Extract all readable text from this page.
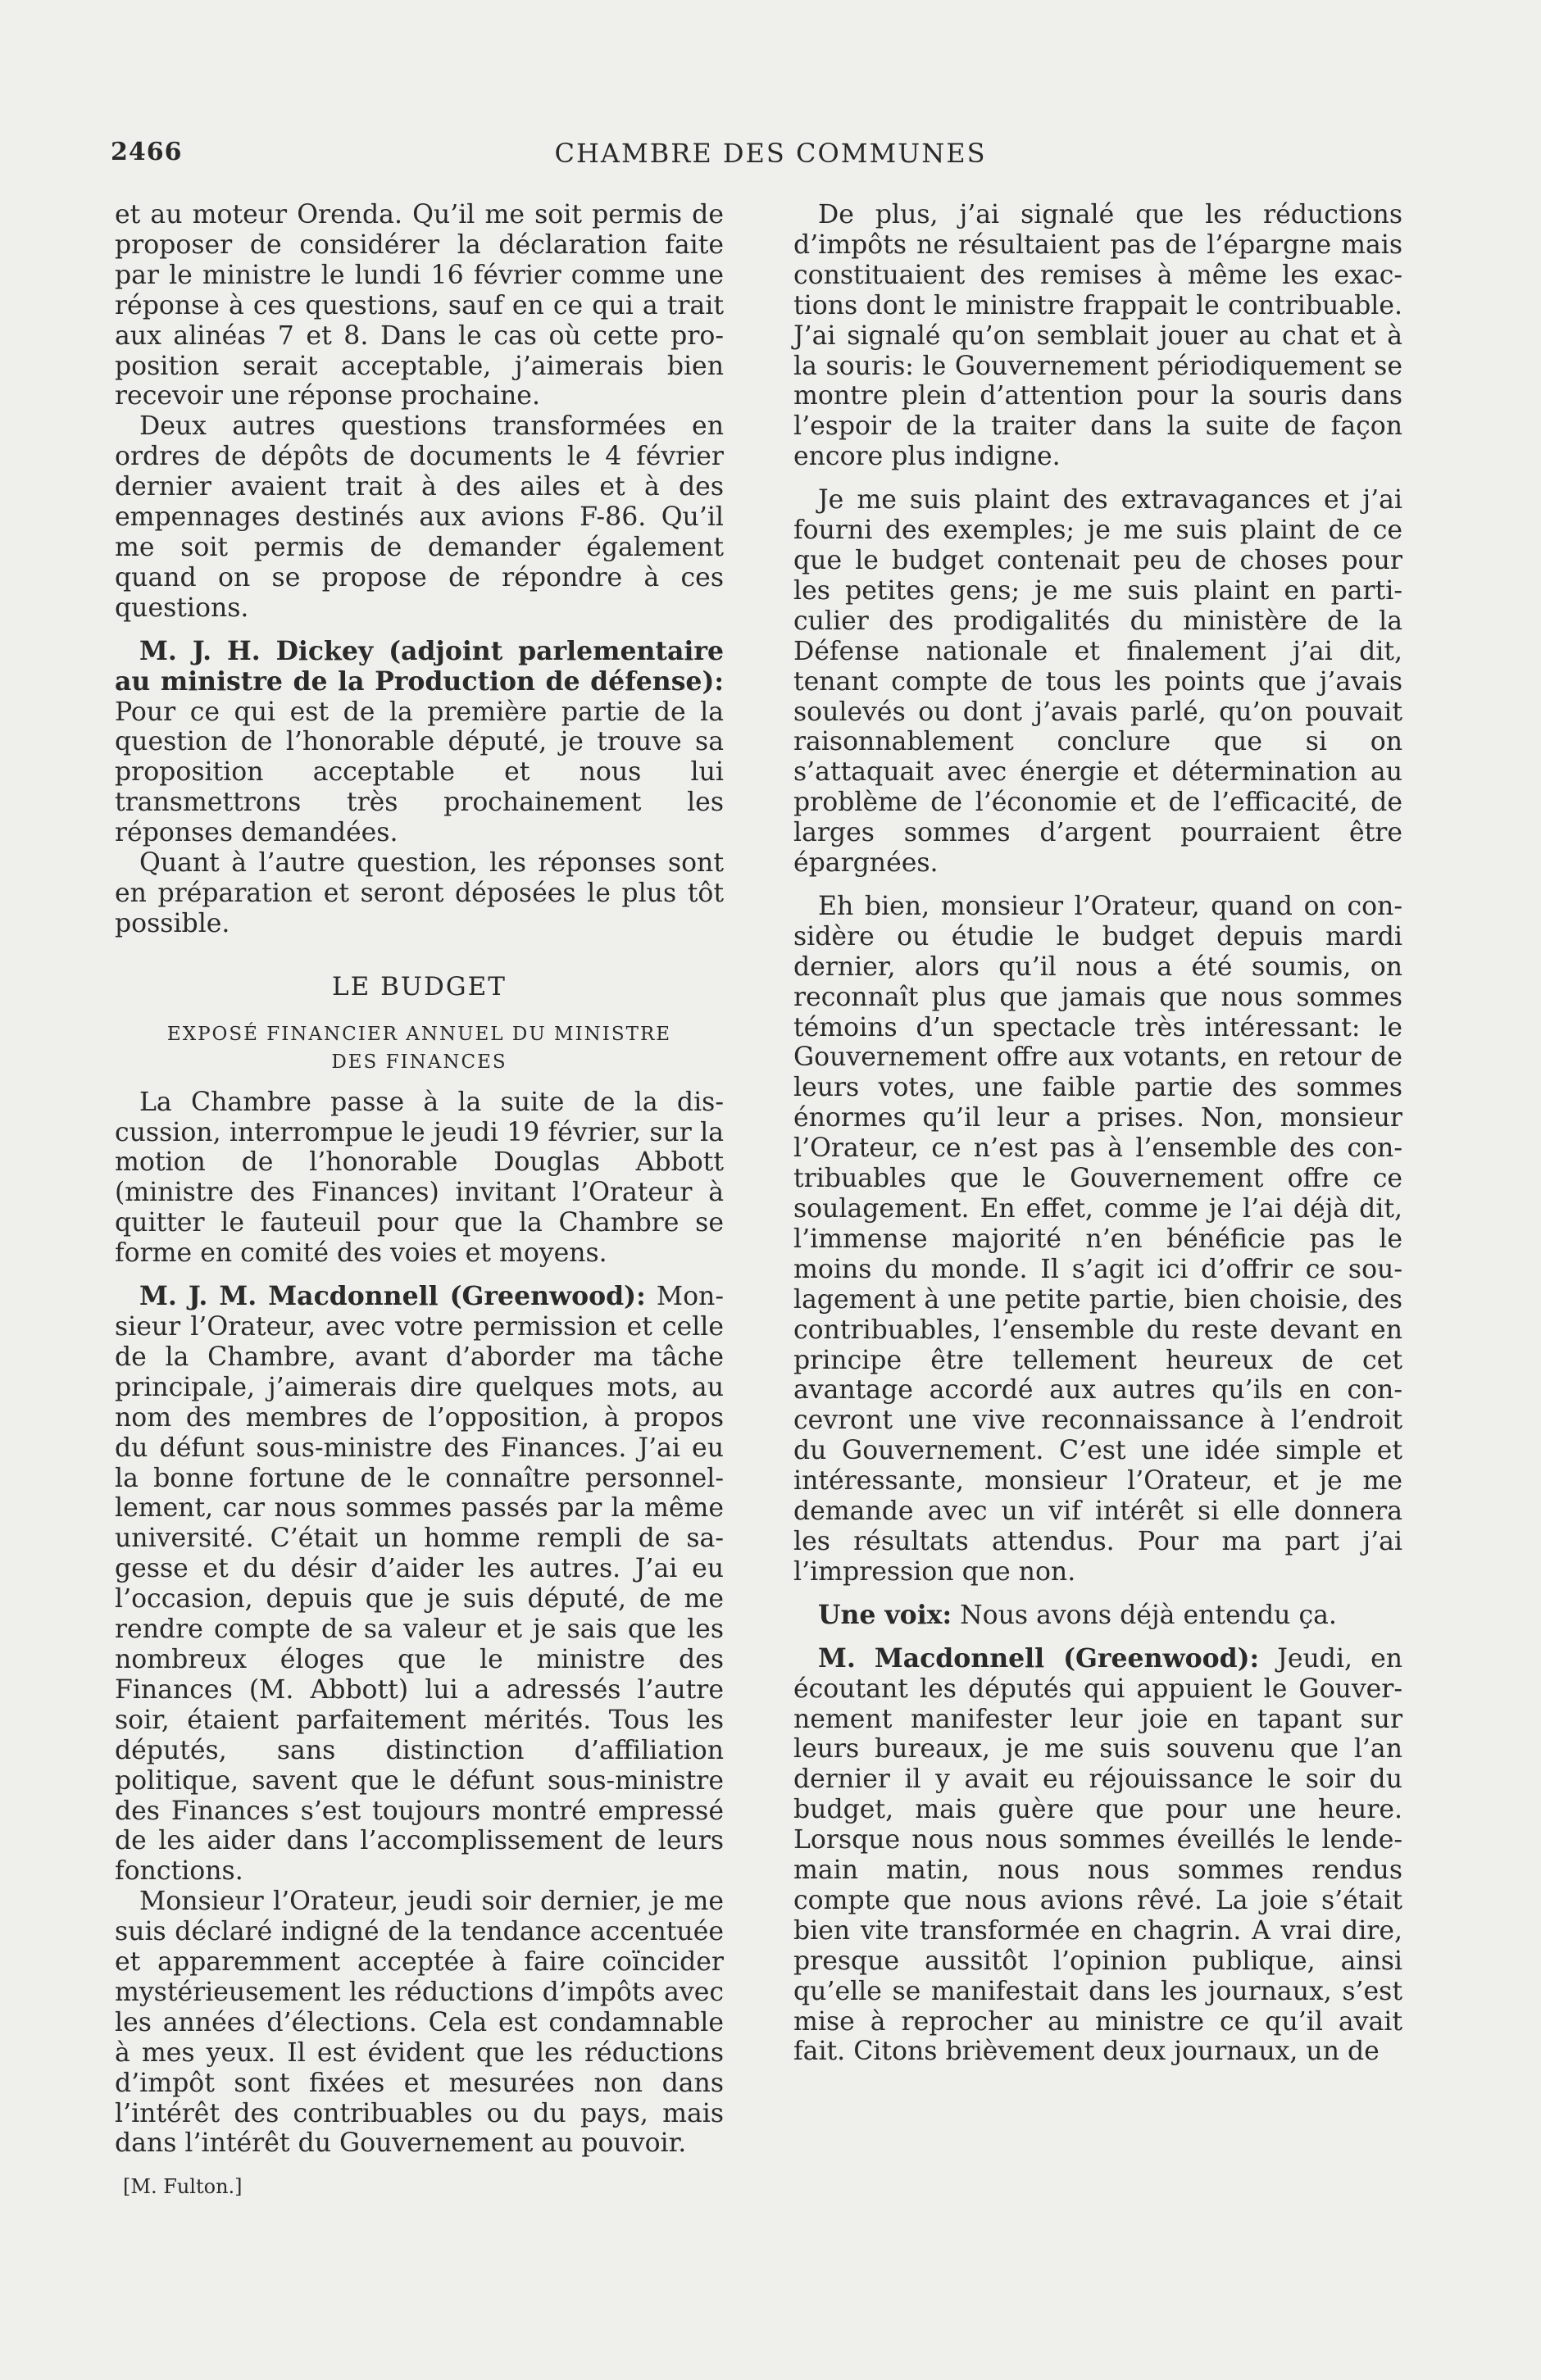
2466	CHAMBRE DES COMMUNES

et au moteur Orenda. Qu’il me soit permis de proposer de considérer la déclaration faite par le ministre le lundi 16 février comme une réponse à ces questions, sauf en ce qui a trait aux alinéas 7 et 8. Dans le cas où cette proposition serait acceptable, j’aimerais bien recevoir une réponse prochaine.

Deux autres questions transformées en ordres de dépôts de documents le 4 février dernier avaient trait à des ailes et à des empennages destinés aux avions F-86. Qu’il me soit permis de demander également quand on se propose de répondre à ces questions.

M. J. H. Dickey (adjoint parlementaire au ministre de la Production de défense): Pour ce qui est de la première partie de la question de l’honorable député, je trouve sa proposition acceptable et nous lui transmettrons très prochainement les réponses demandées.

Quant à l’autre question, les réponses sont en préparation et seront déposées le plus tôt possible.

LE BUDGET
EXPOSÉ FINANCIER ANNUEL DU MINISTRE
DES FINANCES

La Chambre passe à la suite de la discussion, interrompue le jeudi 19 février, sur la motion de l’honorable Douglas Abbott (ministre des Finances) invitant l’Orateur à quitter le fauteuil pour que la Chambre se forme en comité des voies et moyens.

M. J. M. Macdonnell (Greenwood): Monsieur l’Orateur, avec votre permission et celle de la Chambre, avant d’aborder ma tâche principale, j’aimerais dire quelques mots, au nom des membres de l’opposition, à propos du défunt sous-ministre des Finances. J’ai eu la bonne fortune de le connaître personnellement, car nous sommes passés par la même université. C’était un homme rempli de sagesse et du désir d’aider les autres. J’ai eu l’occasion, depuis que je suis député, de me rendre compte de sa valeur et je sais que les nombreux éloges que le ministre des Finances (M. Abbott) lui a adressés l’autre soir, étaient parfaitement mérités. Tous les députés, sans distinction d’affiliation politique, savent que le défunt sous-ministre des Finances s’est toujours montré empressé de les aider dans l’accomplissement de leurs fonctions.

Monsieur l’Orateur, jeudi soir dernier, je me suis déclaré indigné de la tendance accentuée et apparemment acceptée à faire coïncider mystérieusement les réductions d’impôts avec les années d’élections. Cela est condamnable à mes yeux. Il est évident que les réductions d’impôt sont fixées et mesurées non dans l’intérêt des contribuables ou du pays, mais dans l’intérêt du Gouvernement au pouvoir.

[M. Fulton.]

De plus, j’ai signalé que les réductions d’impôts ne résultaient pas de l’épargne mais constituaient des remises à même les exactions dont le ministre frappait le contribuable. J’ai signalé qu’on semblait jouer au chat et à la souris: le Gouvernement périodiquement se montre plein d’attention pour la souris dans l’espoir de la traiter dans la suite de façon encore plus indigne.

Je me suis plaint des extravagances et j’ai fourni des exemples; je me suis plaint de ce que le budget contenait peu de choses pour les petites gens; je me suis plaint en particulier des prodigalités du ministère de la Défense nationale et finalement j’ai dit, tenant compte de tous les points que j’avais soulevés ou dont j’avais parlé, qu’on pouvait raisonnablement conclure que si on s’attaquait avec énergie et détermination au problème de l’économie et de l’efficacité, de larges sommes d’argent pourraient être épargnées.

Eh bien, monsieur l’Orateur, quand on considère ou étudie le budget depuis mardi dernier, alors qu’il nous a été soumis, on reconnaît plus que jamais que nous sommes témoins d’un spectacle très intéressant: le Gouvernement offre aux votants, en retour de leurs votes, une faible partie des sommes énormes qu’il leur a prises. Non, monsieur l’Orateur, ce n’est pas à l’ensemble des contribuables que le Gouvernement offre ce soulagement. En effet, comme je l’ai déjà dit, l’immense majorité n’en bénéficie pas le moins du monde. Il s’agit ici d’offrir ce soulagement à une petite partie, bien choisie, des contribuables, l’ensemble du reste devant en principe être tellement heureux de cet avantage accordé aux autres qu’ils en concevront une vive reconnaissance à l’endroit du Gouvernement. C’est une idée simple et intéressante, monsieur l’Orateur, et je me demande avec un vif intérêt si elle donnera les résultats attendus. Pour ma part j’ai l’impression que non.

Une voix: Nous avons déjà entendu ça.

M. Macdonnell (Greenwood): Jeudi, en écoutant les députés qui appuient le Gouvernement manifester leur joie en tapant sur leurs bureaux, je me suis souvenu que l’an dernier il y avait eu réjouissance le soir du budget, mais guère que pour une heure. Lorsque nous nous sommes éveillés le lendemain matin, nous nous sommes rendus compte que nous avions rêvé. La joie s’était bien vite transformée en chagrin. A vrai dire, presque aussitôt l’opinion publique, ainsi qu’elle se manifestait dans les journaux, s’est mise à reprocher au ministre ce qu’il avait fait. Citons brièvement deux journaux, un de
